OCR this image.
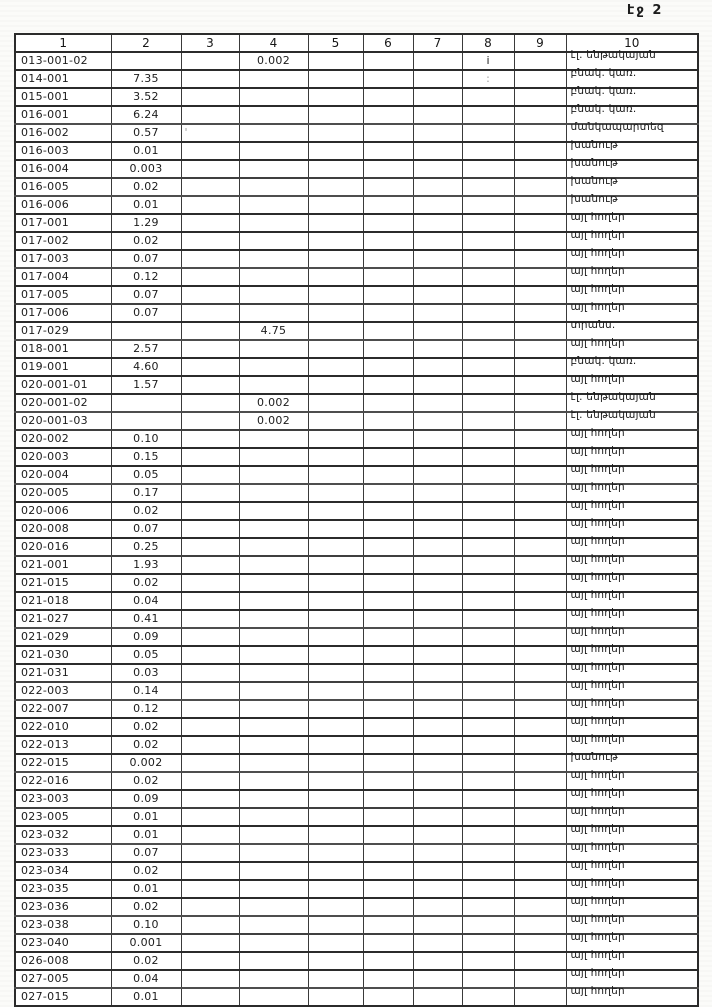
էջ 2
1	2	3	4	5	6	7	8	9	10
013-001-02			0.002				i		էլ. ենթակայան
014-001	7.35						:		բնակ. կառ.
015-001	3.52								բնակ. կառ.
016-001	6.24								բնակ. կառ.
016-002	0.57	'							մանկապարտեզ
016-003	0.01								խանութ
016-004	0.003								խանութ
016-005	0.02								խանութ
016-006	0.01								խանութ
017-001	1.29								այլ հողեր
017-002	0.02								այլ հողեր
017-003	0.07								այլ հողեր
017-004	0.12								այլ հողեր
017-005	0.07								այլ հողեր
017-006	0.07								այլ հողեր
017-029			4.75						տրանս.
018-001	2.57								այլ հողեր
019-001	4.60								բնակ. կառ.
020-001-01	1.57								այլ հողեր
020-001-02			0.002						էլ. ենթակայան
020-001-03			0.002						էլ. ենթակայան
020-002	0.10								այլ հողեր
020-003	0.15								այլ հողեր
020-004	0.05								այլ հողեր
020-005	0.17								այլ հողեր
020-006	0.02								այլ հողեր
020-008	0.07								այլ հողեր
020-016	0.25								այլ հողեր
021-001	1.93								այլ հողեր
021-015	0.02								այլ հողեր
021-018	0.04								այլ հողեր
021-027	0.41								այլ հողեր
021-029	0.09								այլ հողեր
021-030	0.05								այլ հողեր
021-031	0.03								այլ հողեր
022-003	0.14								այլ հողեր
022-007	0.12								այլ հողեր
022-010	0.02								այլ հողեր
022-013	0.02								այլ հողեր
022-015	0.002								խանութ
022-016	0.02								այլ հողեր
023-003	0.09								այլ հողեր
023-005	0.01								այլ հողեր
023-032	0.01								այլ հողեր
023-033	0.07								այլ հողեր
023-034	0.02								այլ հողեր
023-035	0.01								այլ հողեր
023-036	0.02								այլ հողեր
023-038	0.10								այլ հողեր
023-040	0.001								այլ հողեր
026-008	0.02								այլ հողեր
027-005	0.04								այլ հողեր
027-015	0.01								այլ հողեր
